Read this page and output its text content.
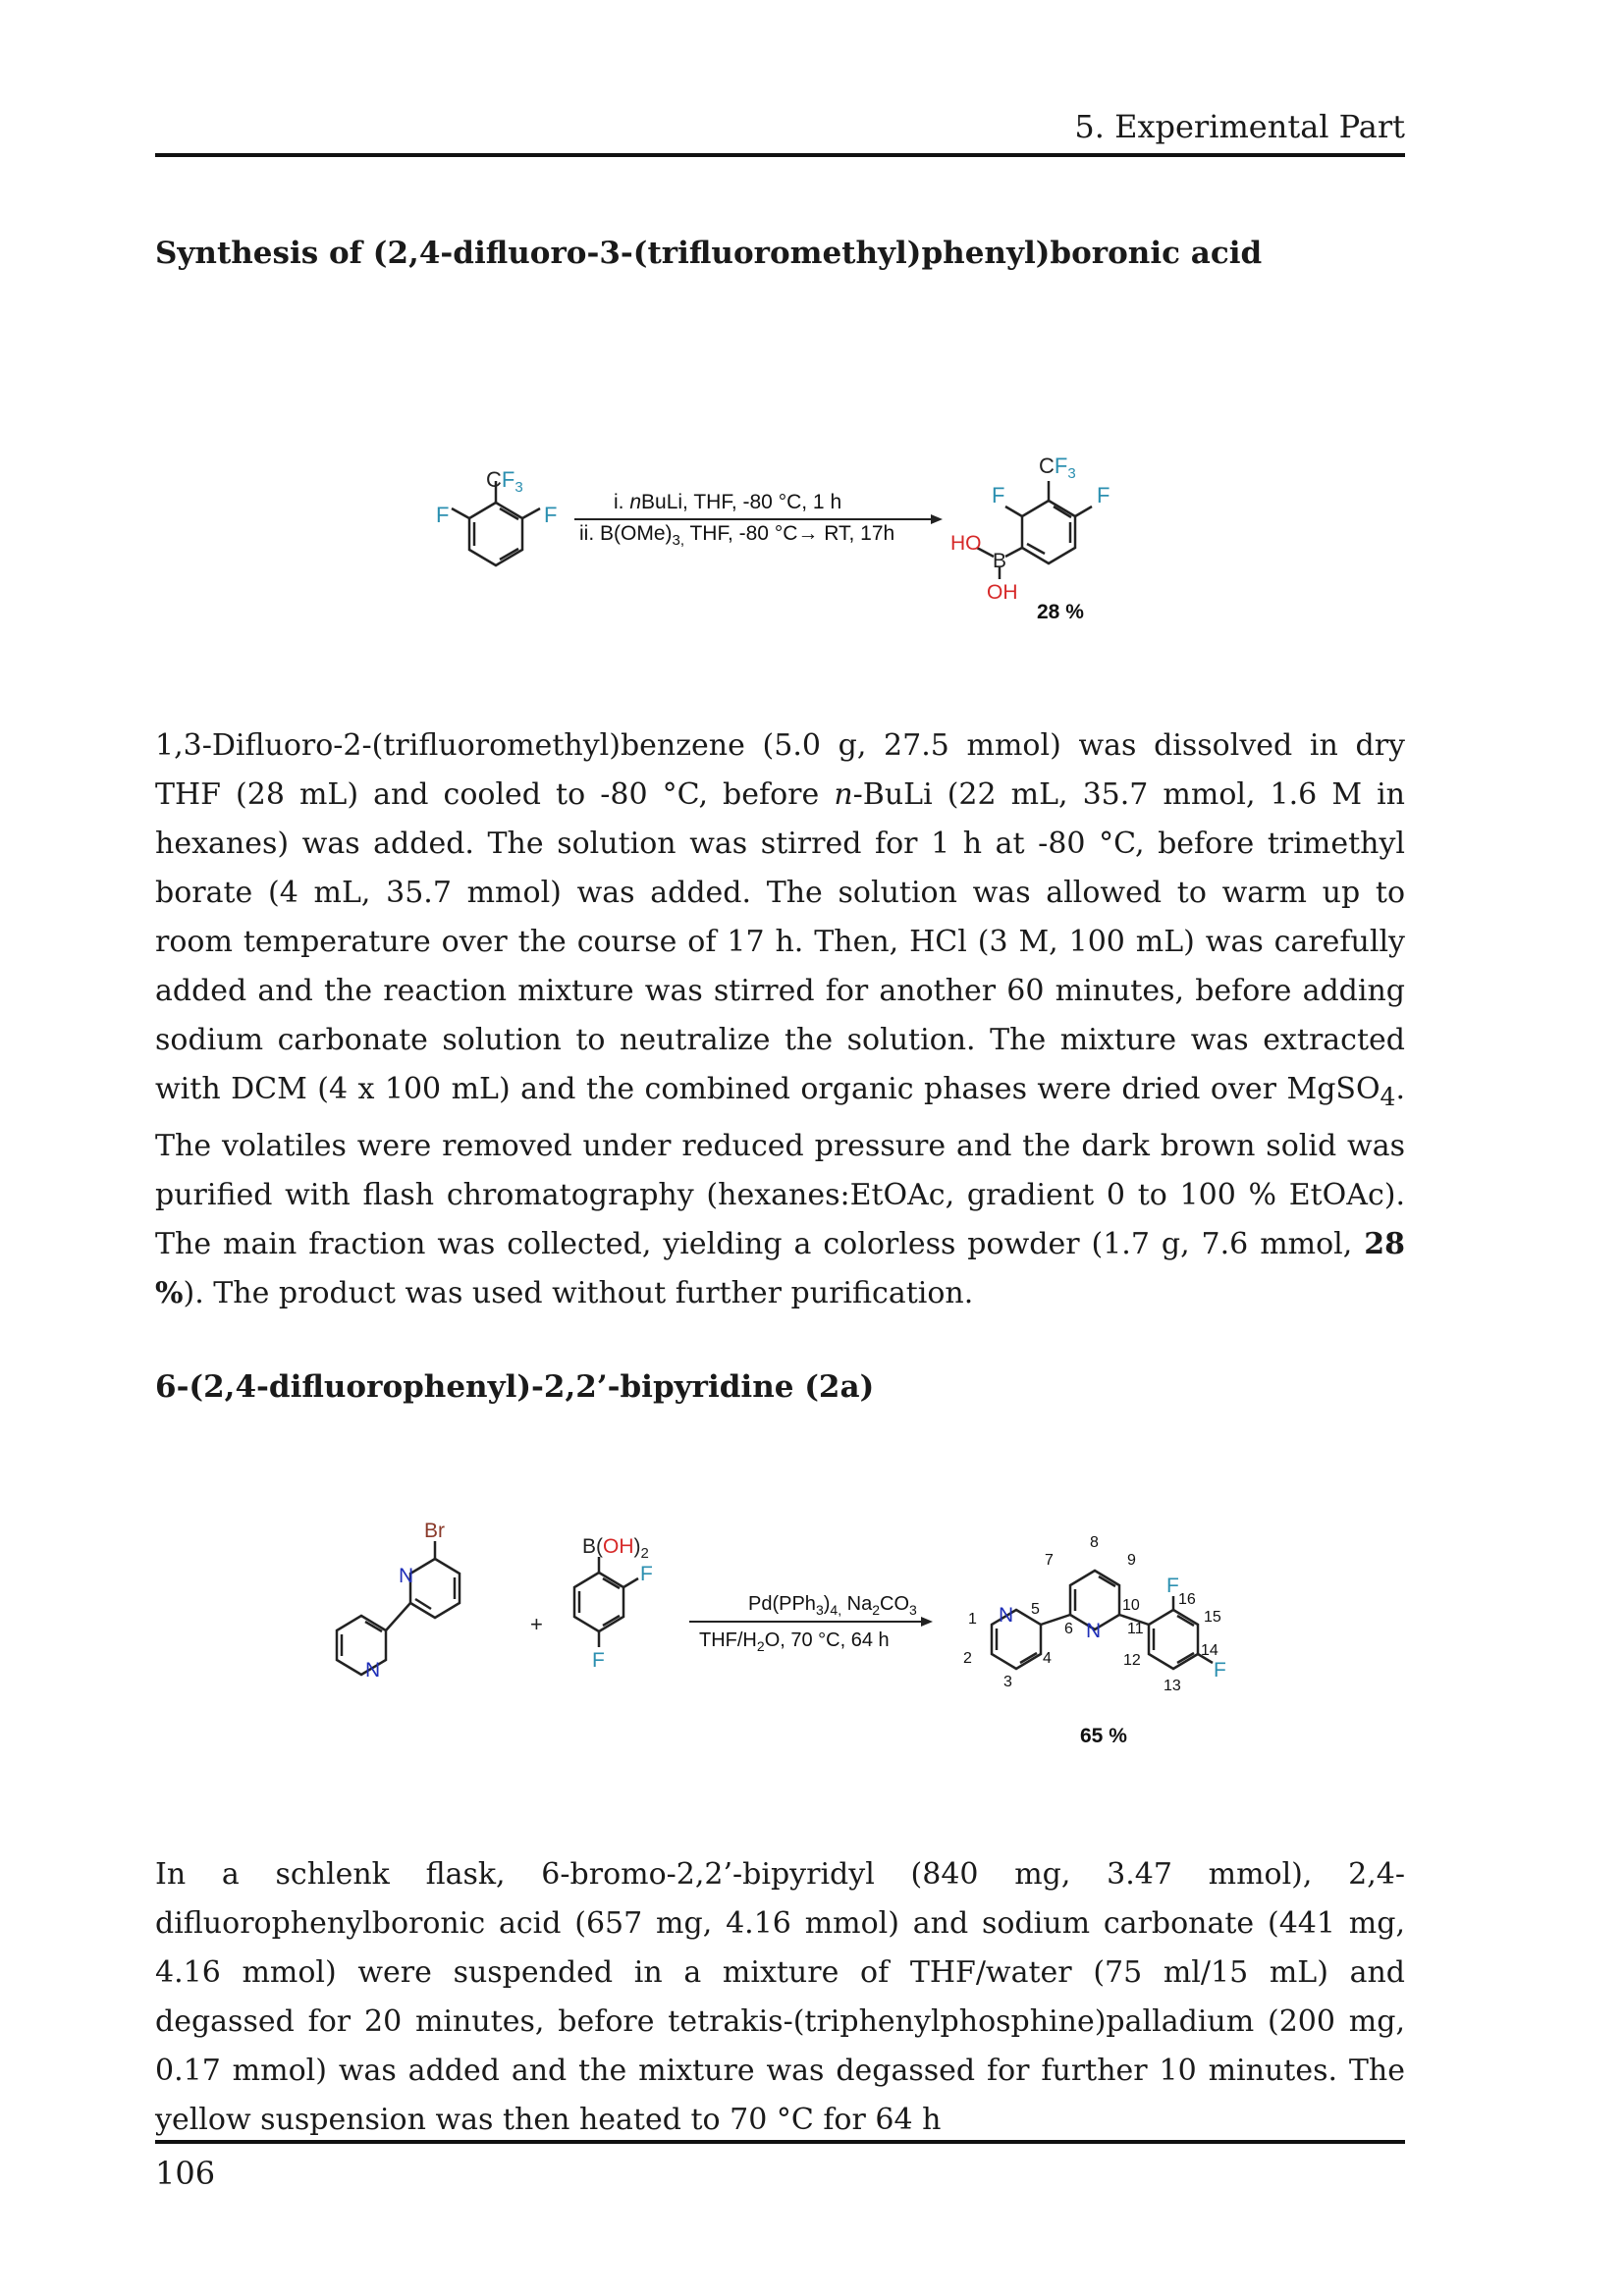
5. Experimental Part
Synthesis of (2,4-difluoro-3-(trifluoromethyl)phenyl)boronic acid
$CF_3$
F	F
i. nBuLi, THF, -80 °C, 1 h
ii. $B(OMe)_{3,}$ THF, -80 °C→ RT, 17h
$CF_3$
F	F
HO
B
OH
28 %

1,3-Difluoro-2-(trifluoromethyl)benzene (5.0 g, 27.5 mmol) was dissolved in dry THF (28 mL) and cooled to -80 °C, before n-BuLi (22 mL, 35.7 mmol, 1.6 M in hexanes) was added. The solution was stirred for 1 h at -80 °C, before trimethyl borate (4 mL, 35.7 mmol) was added. The solution was allowed to warm up to room temperature over the course of 17 h. Then, HCl (3 M, 100 mL) was carefully added and the reaction mixture was stirred for another 60 minutes, before adding sodium carbonate solution to neutralize the solution. The mixture was extracted with DCM (4 x 100 mL) and the combined organic phases were dried over MgSO$_4$. The volatiles were removed under reduced pressure and the dark brown solid was purified with flash chromatography (hexanes:EtOAc, gradient 0 to 100 % EtOAc). The main fraction was collected, yielding a colorless powder (1.7 g, 7.6 mmol, 28 %). The product was used without further purification.

6-(2,4-difluorophenyl)-2,2’-bipyridine (2a)
Br
N
N
+
$B(OH)_2$
F
F
$Pd(PPh_3)_{4,}$ $Na_2CO_3$
THF/$H_2O$, 70 °C, 64 h
N
N
F
F
1
2
3
4
5
6
7
8
9
10
11
12
13
14
15
16
65 %
In a schlenk flask, 6-bromo-2,2’-bipyridyl (840 mg, 3.47 mmol), 2,4-difluorophenylboronic acid (657 mg, 4.16 mmol) and sodium carbonate (441 mg, 4.16 mmol) were suspended in a mixture of THF/water (75 ml/15 mL) and degassed for 20 minutes, before tetrakis-(triphenylphosphine)palladium (200 mg, 0.17 mmol) was added and the mixture was degassed for further 10 minutes. The yellow suspension was then heated to 70 °C for 64 h
106
